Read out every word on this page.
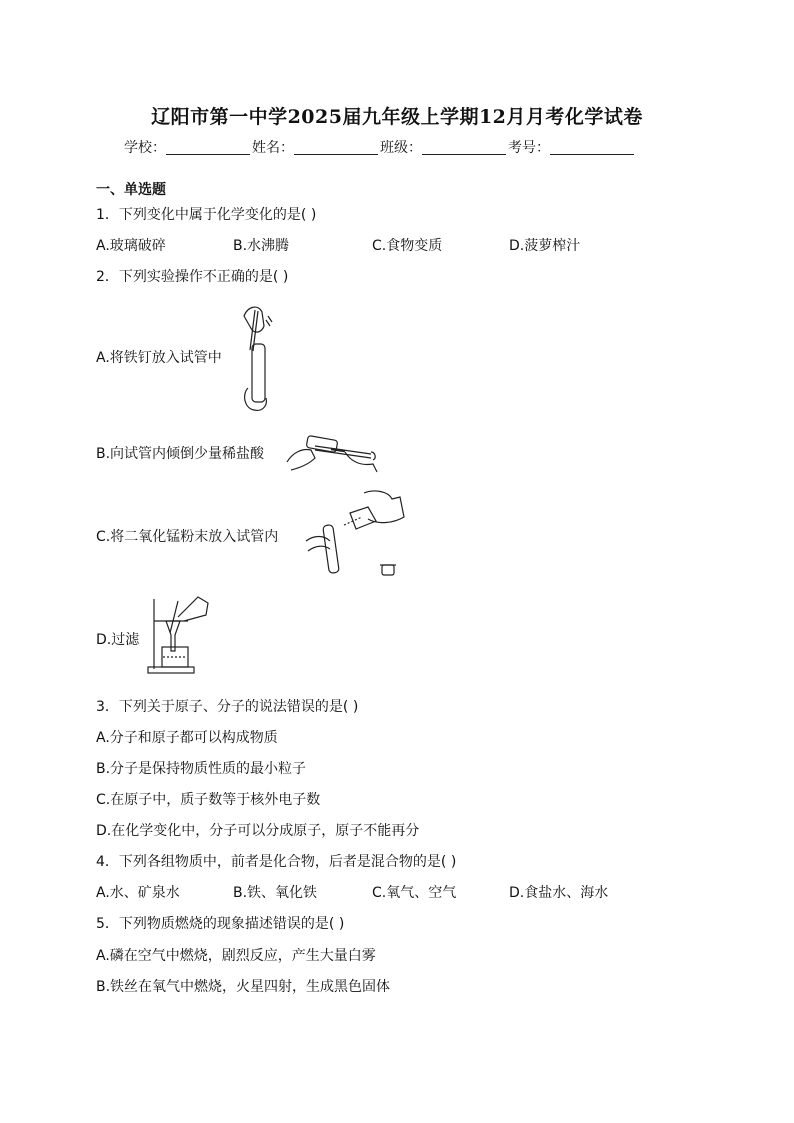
辽阳市第一中学2025届九年级上学期12月月考化学试卷
学校：	姓名：	班级：	考号：
一、单选题
1．下列变化中属于化学变化的是( )
A.玻璃破碎	B.水沸腾	C.食物变质	D.菠萝榨汁
2．下列实验操作不正确的是( )
A.将铁钉放入试管中
B.向试管内倾倒少量稀盐酸
C.将二氧化锰粉末放入试管内
D.过滤
3．下列关于原子、分子的说法错误的是( )
A.分子和原子都可以构成物质
B.分子是保持物质性质的最小粒子
C.在原子中，质子数等于核外电子数
D.在化学变化中，分子可以分成原子，原子不能再分
4．下列各组物质中，前者是化合物，后者是混合物的是( )
A.水、矿泉水	B.铁、氧化铁	C.氧气、空气	D.食盐水、海水
5．下列物质燃烧的现象描述错误的是( )
A.磷在空气中燃烧，剧烈反应，产生大量白雾
B.铁丝在氧气中燃烧，火星四射，生成黑色固体
